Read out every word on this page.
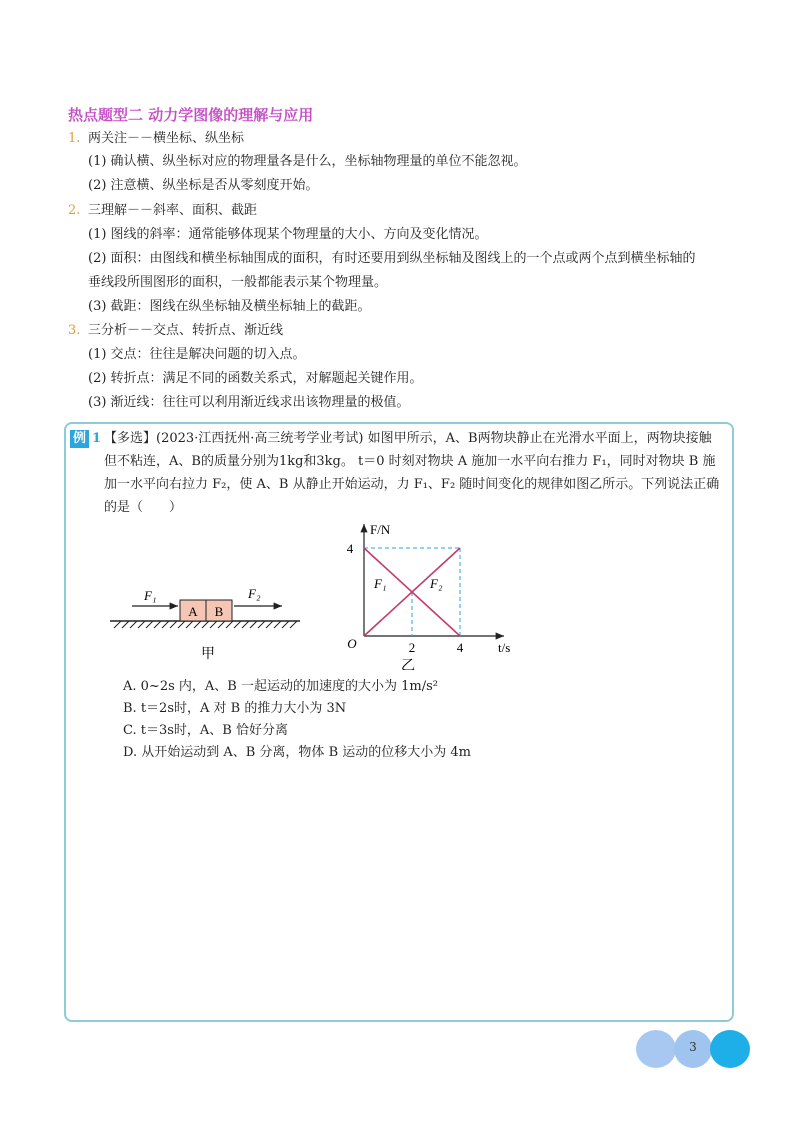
热点题型二 动力学图像的理解与应用
1. 两关注－－横坐标、纵坐标
(1) 确认横、纵坐标对应的物理量各是什么，坐标轴物理量的单位不能忽视。
(2) 注意横、纵坐标是否从零刻度开始。
2. 三理解－－斜率、面积、截距
(1) 图线的斜率：通常能够体现某个物理量的大小、方向及变化情况。
(2) 面积：由图线和横坐标轴围成的面积，有时还要用到纵坐标轴及图线上的一个点或两个点到横坐标轴的
垂线段所围图形的面积，一般都能表示某个物理量。
(3) 截距：图线在纵坐标轴及横坐标轴上的截距。
3. 三分析－－交点、转折点、渐近线
(1) 交点：往往是解决问题的切入点。
(2) 转折点：满足不同的函数关系式，对解题起关键作用。
(3) 渐近线：往往可以利用渐近线求出该物理量的极值。
例 1 【多选】(2023·江西抚州·高三统考学业考试) 如图甲所示，A、B两物块静止在光滑水平面上，两物块接触
但不粘连，A、B的质量分别为1kg和3kg。 t＝0 时刻对物块 A 施加一水平向右推力 F₁，同时对物块 B 施
加一水平向右拉力 F₂，使 A、B 从静止开始运动，力 F₁、F₂ 随时间变化的规律如图乙所示。下列说法正确
的是（　　）
A B
F₁	F₂
甲	2	4
4
O
F/N
t/s
F₁	F₂
乙
A. 0~2s 内，A、B 一起运动的加速度的大小为 1m/s²
B. t＝2s时，A 对 B 的推力大小为 3N
C. t＝3s时，A、B 恰好分离
D. 从开始运动到 A、B 分离，物体 B 运动的位移大小为 4m
3
